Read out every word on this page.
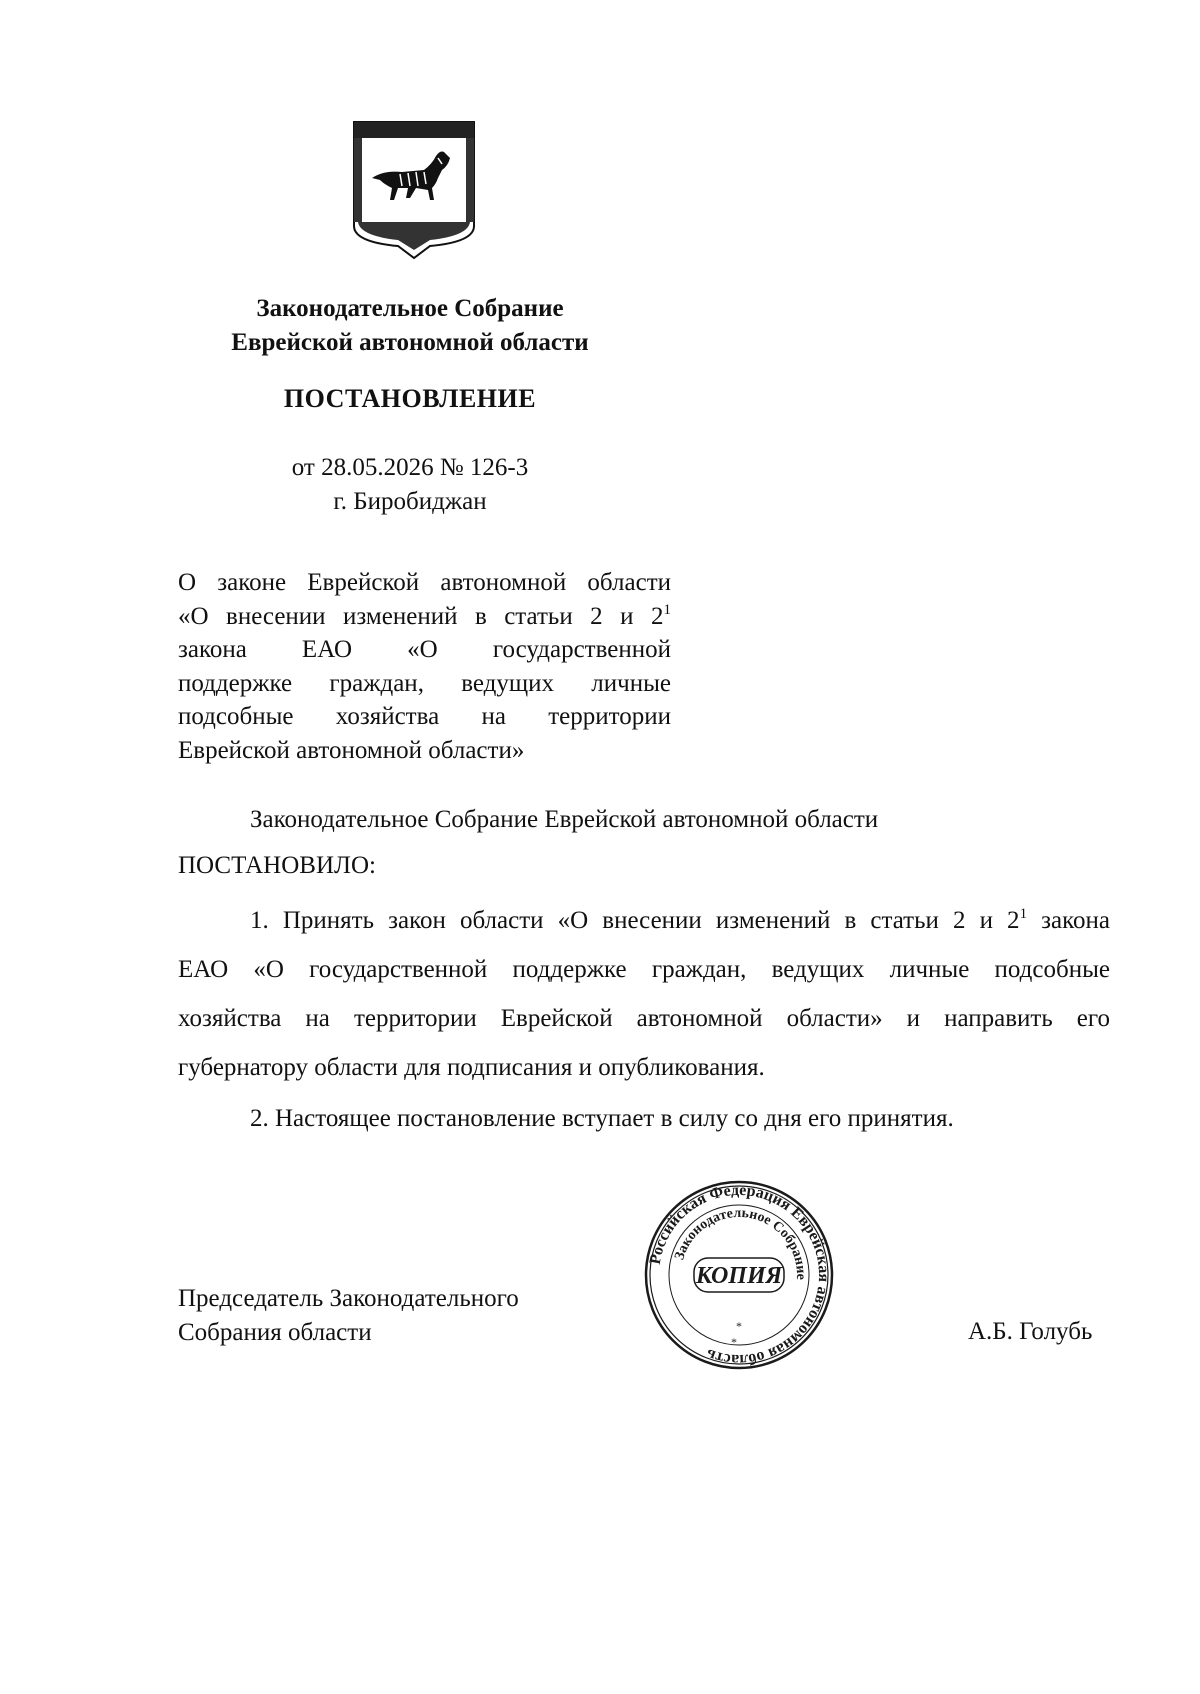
Законодательное Собрание
Еврейской автономной области
ПОСТАНОВЛЕНИЕ
от 28.05.2026 № 126-3
г. Биробиджан
О законе Еврейской автономной области
«О внесении изменений в статьи 2 и $2^1$
закона ЕАО «О государственной
поддержке граждан, ведущих личные
подсобные хозяйства на территории
Еврейской автономной области»
Законодательное Собрание Еврейской автономной области
ПОСТАНОВИЛО:
1. Принять закон области «О внесении изменений в статьи 2 и $2^1$ закона
ЕАО «О государственной поддержке граждан, ведущих личные подсобные
хозяйства на территории Еврейской автономной области» и направить его
губернатору области для подписания и опубликования.
2. Настоящее постановление вступает в силу со дня его принятия.
Председатель Законодательного
Собрания области	А.Б. Голубь
Российская Федерация Еврейская автономная область
Законодательное Собрание
КОПИЯ
*
*
